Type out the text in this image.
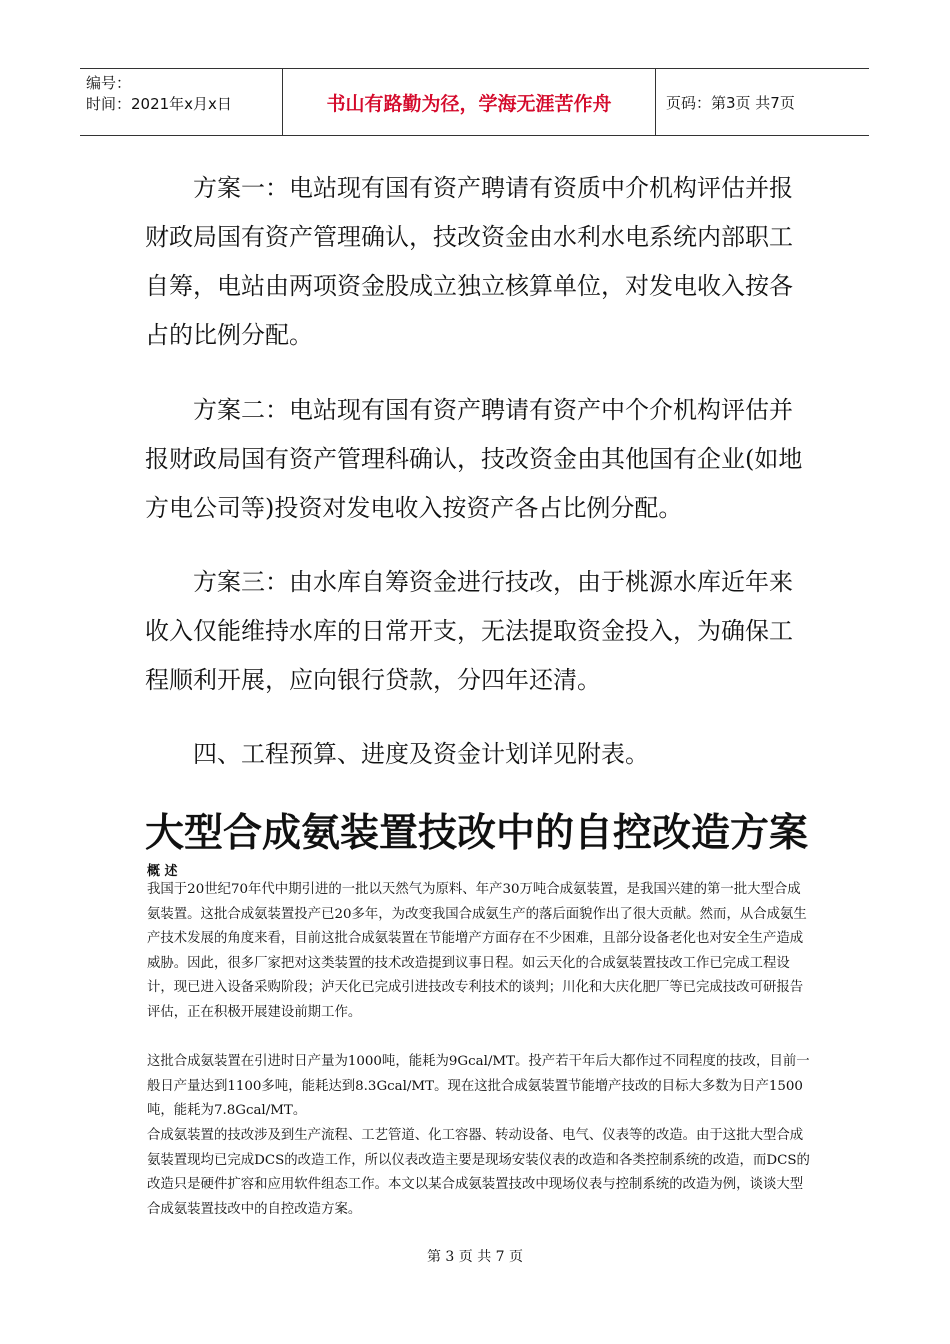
编号：
时间：2021年x月x日	书山有路勤为径，学海无涯苦作舟	页码：第3页 共7页

方案一：电站现有国有资产聘请有资质中介机构评估并报财政局国有资产管理确认，技改资金由水利水电系统内部职工自筹，电站由两项资金股成立独立核算单位，对发电收入按各占的比例分配。

方案二：电站现有国有资产聘请有资产中个介机构评估并报财政局国有资产管理科确认，技改资金由其他国有企业(如地方电公司等)投资对发电收入按资产各占比例分配。

方案三：由水库自筹资金进行技改，由于桃源水库近年来收入仅能维持水库的日常开支，无法提取资金投入，为确保工程顺利开展，应向银行贷款，分四年还清。

四、工程预算、进度及资金计划详见附表。

大型合成氨装置技改中的自控改造方案

概 述

我国于20世纪70年代中期引进的一批以天然气为原料、年产30万吨合成氨装置，是我国兴建的第一批大型合成氨装置。这批合成氨装置投产已20多年，为改变我国合成氨生产的落后面貌作出了很大贡献。然而，从合成氨生产技术发展的角度来看，目前这批合成氨装置在节能增产方面存在不少困难，且部分设备老化也对安全生产造成威胁。因此，很多厂家把对这类装置的技术改造提到议事日程。如云天化的合成氨装置技改工作已完成工程设计，现已进入设备采购阶段；泸天化已完成引进技改专利技术的谈判；川化和大庆化肥厂等已完成技改可研报告评估，正在积极开展建设前期工作。

这批合成氨装置在引进时日产量为1000吨，能耗为9Gcal/MT。投产若干年后大都作过不同程度的技改，目前一般日产量达到1100多吨，能耗达到8.3Gcal/MT。现在这批合成氨装置节能增产技改的目标大多数为日产1500吨，能耗为7.8Gcal/MT。

合成氨装置的技改涉及到生产流程、工艺管道、化工容器、转动设备、电气、仪表等的改造。由于这批大型合成氨装置现均已完成DCS的改造工作，所以仪表改造主要是现场安装仪表的改造和各类控制系统的改造，而DCS的改造只是硬件扩容和应用软件组态工作。本文以某合成氨装置技改中现场仪表与控制系统的改造为例，谈谈大型合成氨装置技改中的自控改造方案。

第 3 页 共 7 页
